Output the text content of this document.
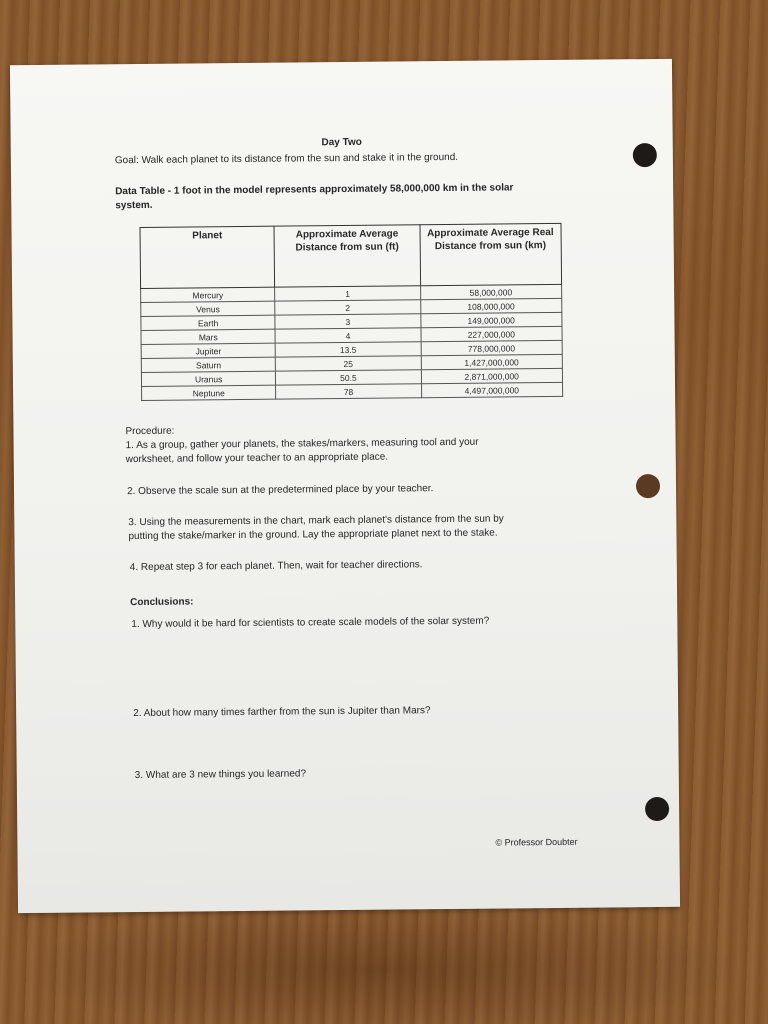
Day Two
Goal: Walk each planet to its distance from the sun and stake it in the ground.
Data Table - 1 foot in the model represents approximately 58,000,000 km in the solar
system.
Planet	Approximate Average Distance from sun (ft)	Approximate Average Real Distance from sun (km)
Mercury	1	58,000,000
Venus	2	108,000,000
Earth	3	149,000,000
Mars	4	227,000,000
Jupiter	13.5	778,000,000
Saturn	25	1,427,000,000
Uranus	50.5	2,871,000,000
Neptune	78	4,497,000,000
Procedure:
1. As a group, gather your planets, the stakes/markers, measuring tool and your
worksheet, and follow your teacher to an appropriate place.
2. Observe the scale sun at the predetermined place by your teacher.
3. Using the measurements in the chart, mark each planet's distance from the sun by
putting the stake/marker in the ground. Lay the appropriate planet next to the stake.
4. Repeat step 3 for each planet. Then, wait for teacher directions.
Conclusions:
1. Why would it be hard for scientists to create scale models of the solar system?
2. About how many times farther from the sun is Jupiter than Mars?
3. What are 3 new things you learned?
© Professor Doubter
